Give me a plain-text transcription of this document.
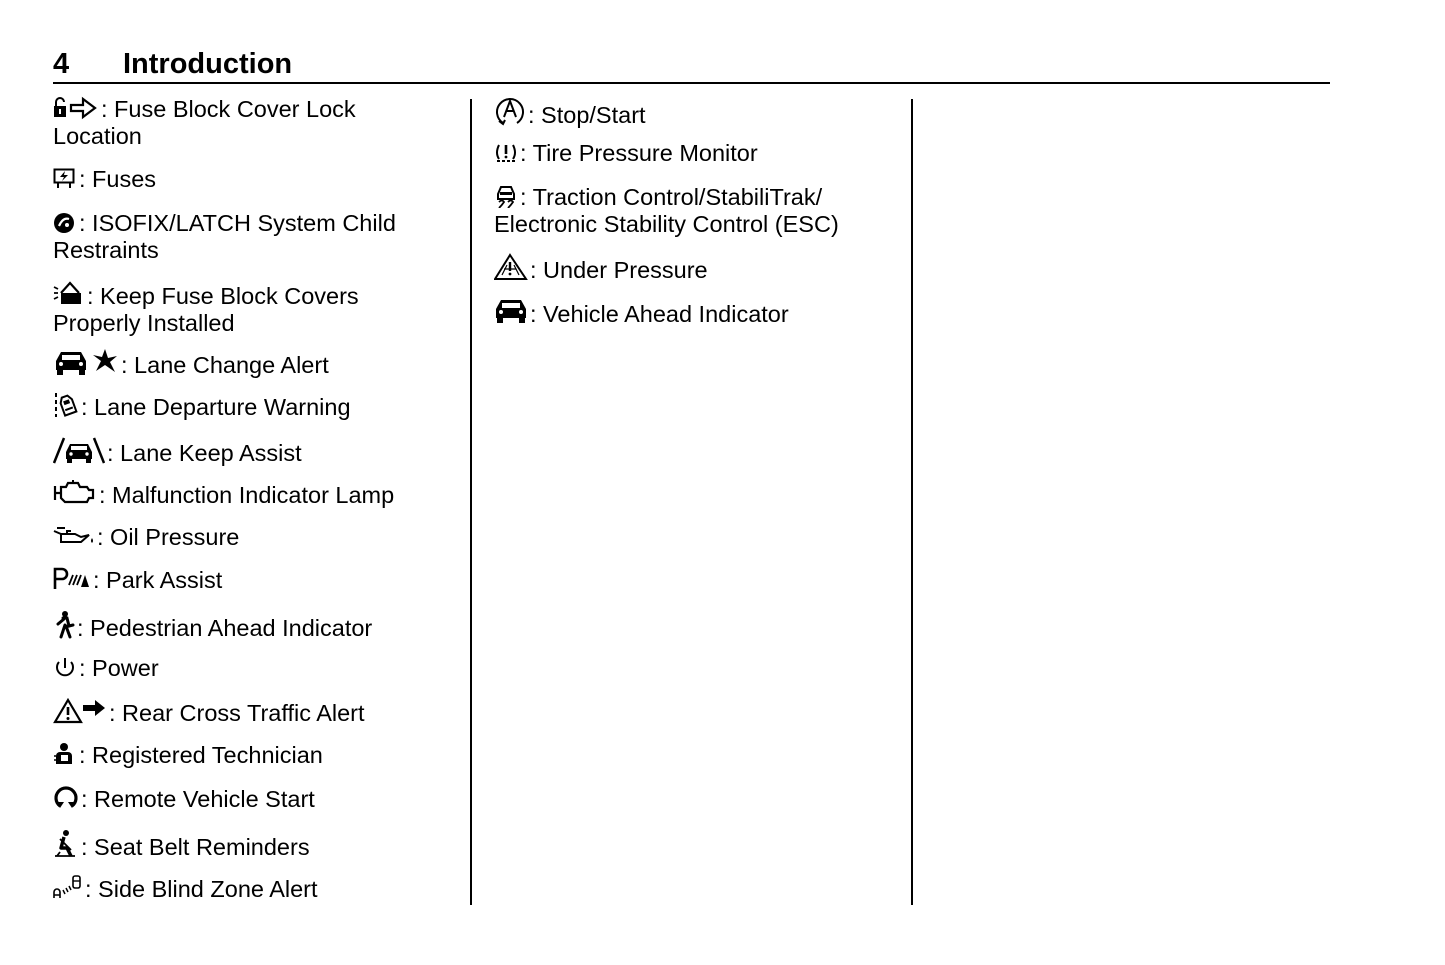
4 Introduction
: Fuse Block Cover Lock
Location
: Fuses
: ISOFIX/LATCH System Child
Restraints
: Keep Fuse Block Covers
Properly Installed
: Lane Change Alert
: Lane Departure Warning
: Lane Keep Assist
: Malfunction Indicator Lamp
: Oil Pressure
: Park Assist
: Pedestrian Ahead Indicator
: Power
: Rear Cross Traffic Alert
: Registered Technician
: Remote Vehicle Start
: Seat Belt Reminders
: Side Blind Zone Alert
: Stop/Start
: Tire Pressure Monitor
: Traction Control/StabiliTrak/
Electronic Stability Control (ESC)
: Under Pressure
: Vehicle Ahead Indicator
